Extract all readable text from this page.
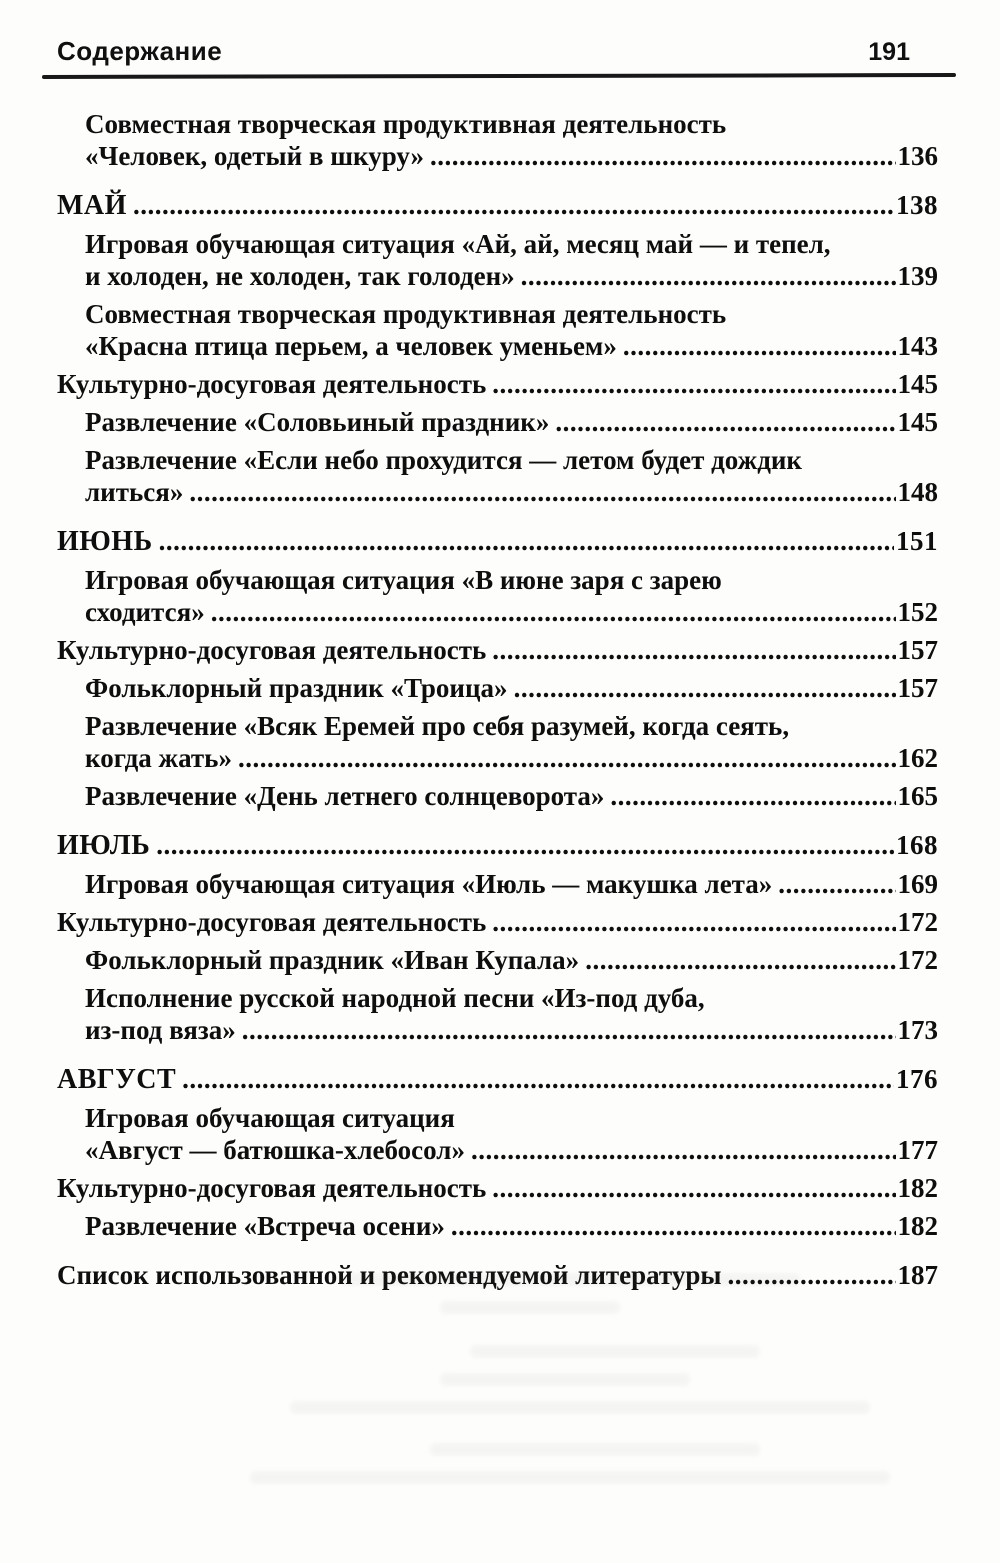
Содержание	191
Совместная творческая продуктивная деятельность
«Человек, одетый в шкуру» .....	136
МАЙ .....	138
Игровая обучающая ситуация «Ай, ай, месяц май — и тепел,
и холоден, не холоден, так голоден» .....	139
Совместная творческая продуктивная деятельность
«Красна птица перьем, а человек уменьем» .....	143
Культурно-досуговая деятельность .....	145
Развлечение «Соловьиный праздник» .....	145
Развлечение «Если небо прохудится — летом будет дождик
литься» .....	148
ИЮНЬ .....	151
Игровая обучающая ситуация «В июне заря с зарею
сходится» .....	152
Культурно-досуговая деятельность .....	157
Фольклорный праздник «Троица» .....	157
Развлечение «Всяк Еремей про себя разумей, когда сеять,
когда жать» .....	162
Развлечение «День летнего солнцеворота» .....	165
ИЮЛЬ .....	168
Игровая обучающая ситуация «Июль — макушка лета» .....	169
Культурно-досуговая деятельность .....	172
Фольклорный праздник «Иван Купала» .....	172
Исполнение русской народной песни «Из-под дуба,
из-под вяза» .....	173
АВГУСТ .....	176
Игровая обучающая ситуация
«Август — батюшка-хлебосол» .....	177
Культурно-досуговая деятельность .....	182
Развлечение «Встреча осени» .....	182
Список использованной и рекомендуемой литературы .....	187
